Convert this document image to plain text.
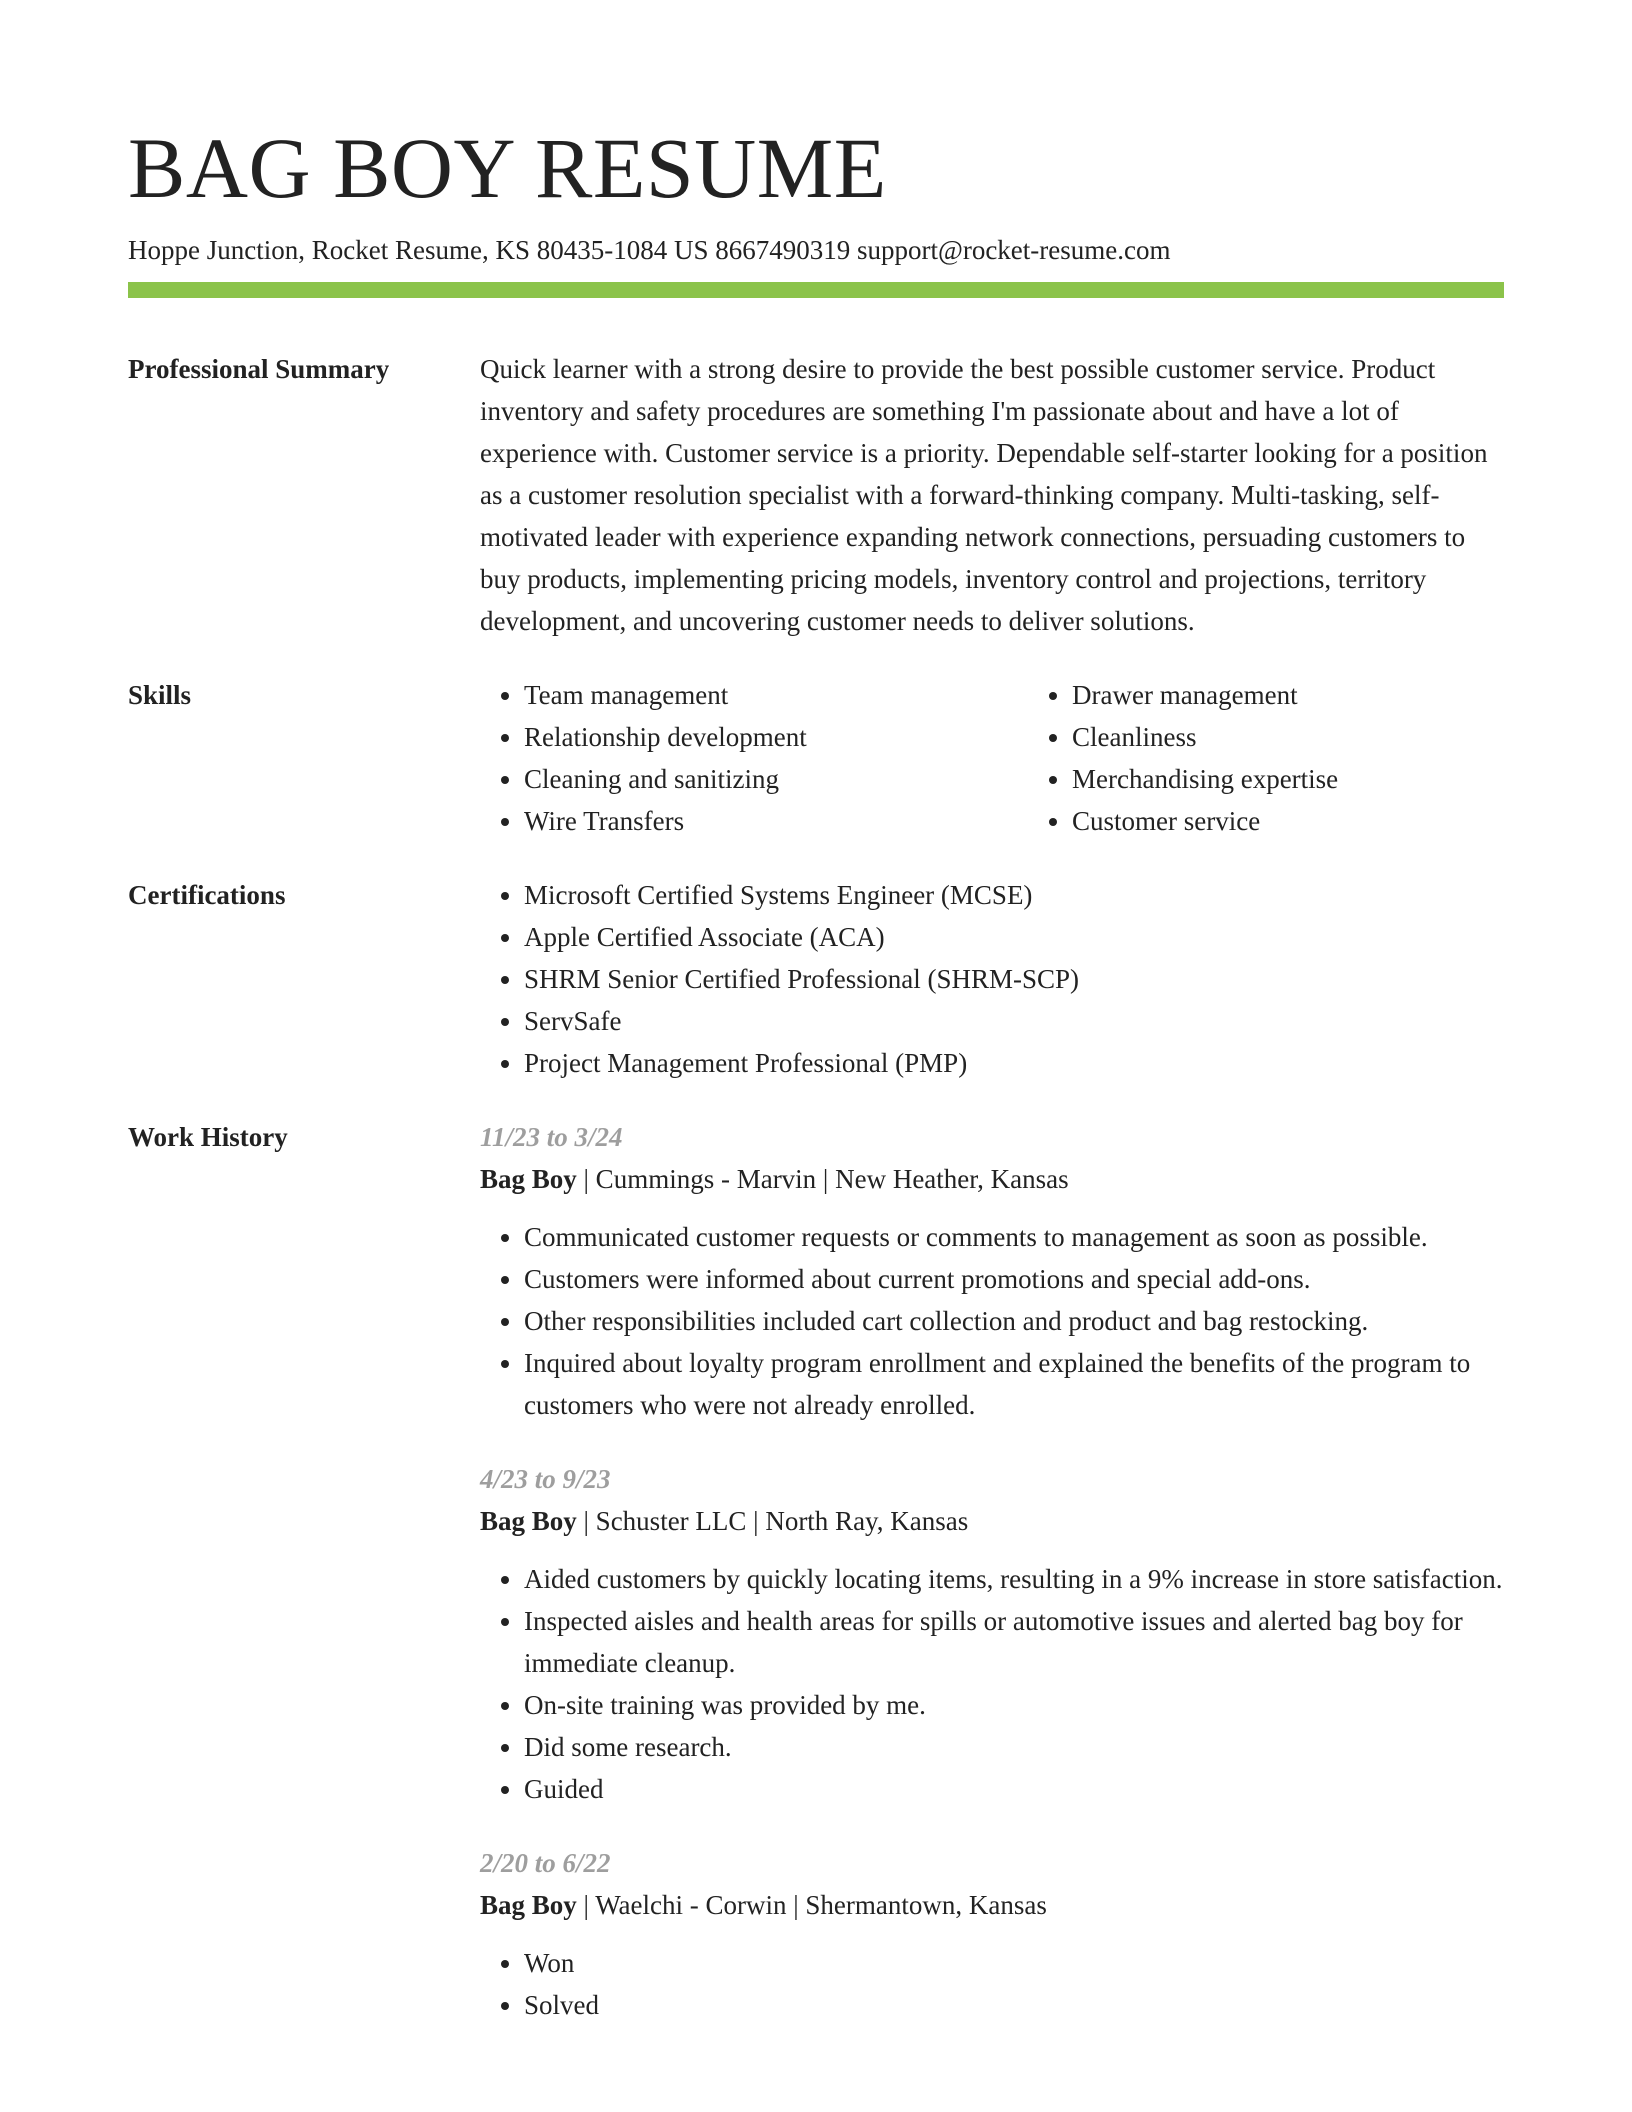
BAG BOY RESUME
Hoppe Junction, Rocket Resume, KS 80435-1084 US 8667490319 support@rocket-resume.com
Professional Summary	Quick learner with a strong desire to provide the best possible customer service. Product inventory and safety procedures are something I'm passionate about and have a lot of experience with. Customer service is a priority. Dependable self-starter looking for a position as a customer resolution specialist with a forward-thinking company. Multi-tasking, self-motivated leader with experience expanding network connections, persuading customers to buy products, implementing pricing models, inventory control and projections, territory development, and uncovering customer needs to deliver solutions.

Skills	• Team management
• Relationship development
• Cleaning and sanitizing
• Wire Transfers
• Drawer management
• Cleanliness
• Merchandising expertise
• Customer service
Certifications	• Microsoft Certified Systems Engineer (MCSE)
• Apple Certified Associate (ACA)
• SHRM Senior Certified Professional (SHRM-SCP)
• ServSafe
• Project Management Professional (PMP)
Work History	11/23 to 3/24
Bag Boy | Cummings - Marvin | New Heather, Kansas
• Communicated customer requests or comments to management as soon as possible.
• Customers were informed about current promotions and special add-ons.
• Other responsibilities included cart collection and product and bag restocking.
• Inquired about loyalty program enrollment and explained the benefits of the program to customers who were not already enrolled.
4/23 to 9/23
Bag Boy | Schuster LLC | North Ray, Kansas
• Aided customers by quickly locating items, resulting in a 9% increase in store satisfaction.
• Inspected aisles and health areas for spills or automotive issues and alerted bag boy for immediate cleanup.
• On-site training was provided by me.
• Did some research.
• Guided
2/20 to 6/22
Bag Boy | Waelchi - Corwin | Shermantown, Kansas
• Won
• Solved
